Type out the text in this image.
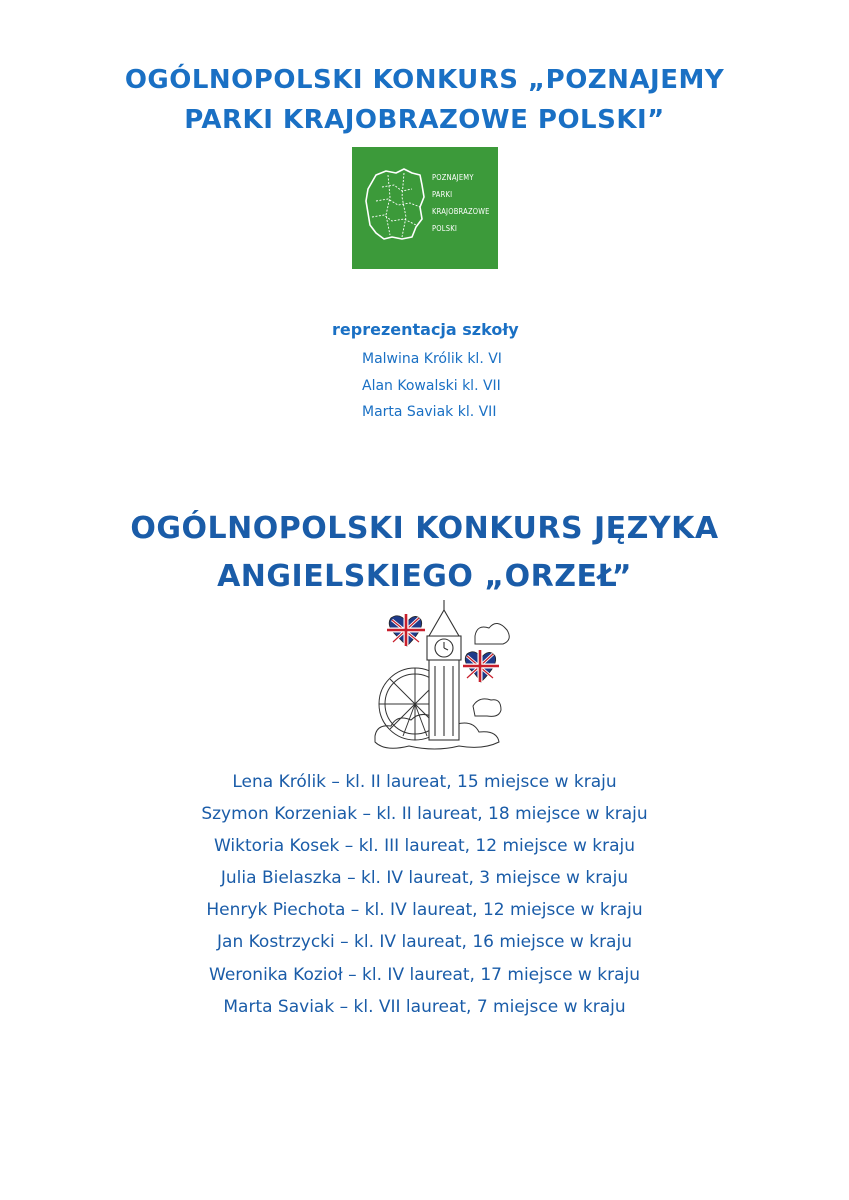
OGÓLNOPOLSKI KONKURS „POZNAJEMY
PARKI KRAJOBRAZOWE POLSKI”
POZNAJEMY
PARKI
KRAJOBRAZOWE
POLSKI
reprezentacja szkoły
Malwina Królik kl. VI
Alan Kowalski kl. VII
Marta Saviak kl. VII
OGÓLNOPOLSKI KONKURS JĘZYKA
ANGIELSKIEGO „ORZEŁ”
Lena Królik – kl. II laureat, 15 miejsce w kraju
Szymon Korzeniak – kl. II laureat, 18 miejsce w kraju
Wiktoria Kosek – kl. III laureat, 12 miejsce w kraju
Julia Bielaszka – kl. IV laureat, 3 miejsce w kraju
Henryk Piechota – kl. IV laureat, 12 miejsce w kraju
Jan Kostrzycki – kl. IV laureat, 16 miejsce w kraju
Weronika Kozioł – kl. IV laureat, 17 miejsce w kraju
Marta Saviak – kl. VII laureat, 7 miejsce w kraju
